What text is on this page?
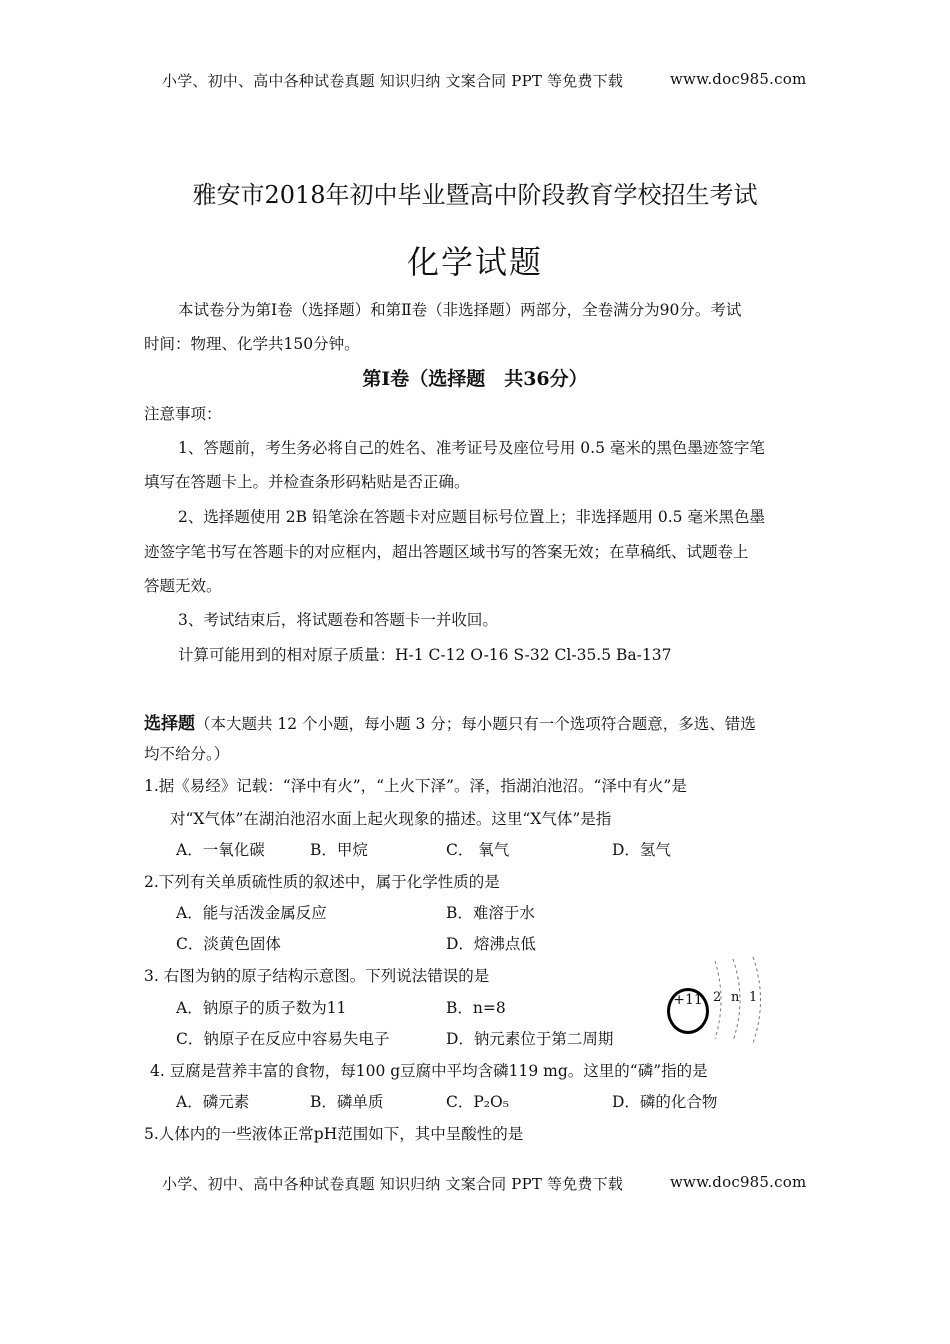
小学、初中、高中各种试卷真题 知识归纳 文案合同 PPT 等免费下载	www.doc985.com
雅安市2018年初中毕业暨高中阶段教育学校招生考试
化学试题
本试卷分为第Ⅰ卷（选择题）和第Ⅱ卷（非选择题）两部分，全卷满分为90分。考试
时间：物理、化学共150分钟。
第Ⅰ卷（选择题　共36分）
注意事项：
1、答题前，考生务必将自己的姓名、准考证号及座位号用 0.5 毫米的黑色墨迹签字笔
填写在答题卡上。并检查条形码粘贴是否正确。
2、选择题使用 2B 铅笔涂在答题卡对应题目标号位置上；非选择题用 0.5 毫米黑色墨
迹签字笔书写在答题卡的对应框内，超出答题区域书写的答案无效；在草稿纸、试题卷上
答题无效。
3、考试结束后，将试题卷和答题卡一并收回。
计算可能用到的相对原子质量：H-1 C-12 O-16 S-32 Cl-35.5 Ba-137
选择题（本大题共 12 个小题，每小题 3 分；每小题只有一个选项符合题意，多选、错选
均不给分。）
1.据《易经》记载：“泽中有火”，“上火下泽”。泽，指湖泊池沼。“泽中有火”是
对“X气体”在湖泊池沼水面上起火现象的描述。这里“X气体”是指
A．一氧化碳	B．甲烷	C． 氧气	D．氢气
2.下列有关单质硫性质的叙述中，属于化学性质的是
A．能与活泼金属反应	B．难溶于水
C．淡黄色固体	D．熔沸点低
3. 右图为钠的原子结构示意图。下列说法错误的是
A．钠原子的质子数为11	B．n=8
C．钠原子在反应中容易失电子	D．钠元素位于第二周期
+11 2 n 1
4. 豆腐是营养丰富的食物，每100 g豆腐中平均含磷119 mg。这里的“磷”指的是
A．磷元素	B．磷单质	C．P₂O₅	D．磷的化合物
5.人体内的一些液体正常pH范围如下，其中呈酸性的是
小学、初中、高中各种试卷真题 知识归纳 文案合同 PPT 等免费下载	www.doc985.com
